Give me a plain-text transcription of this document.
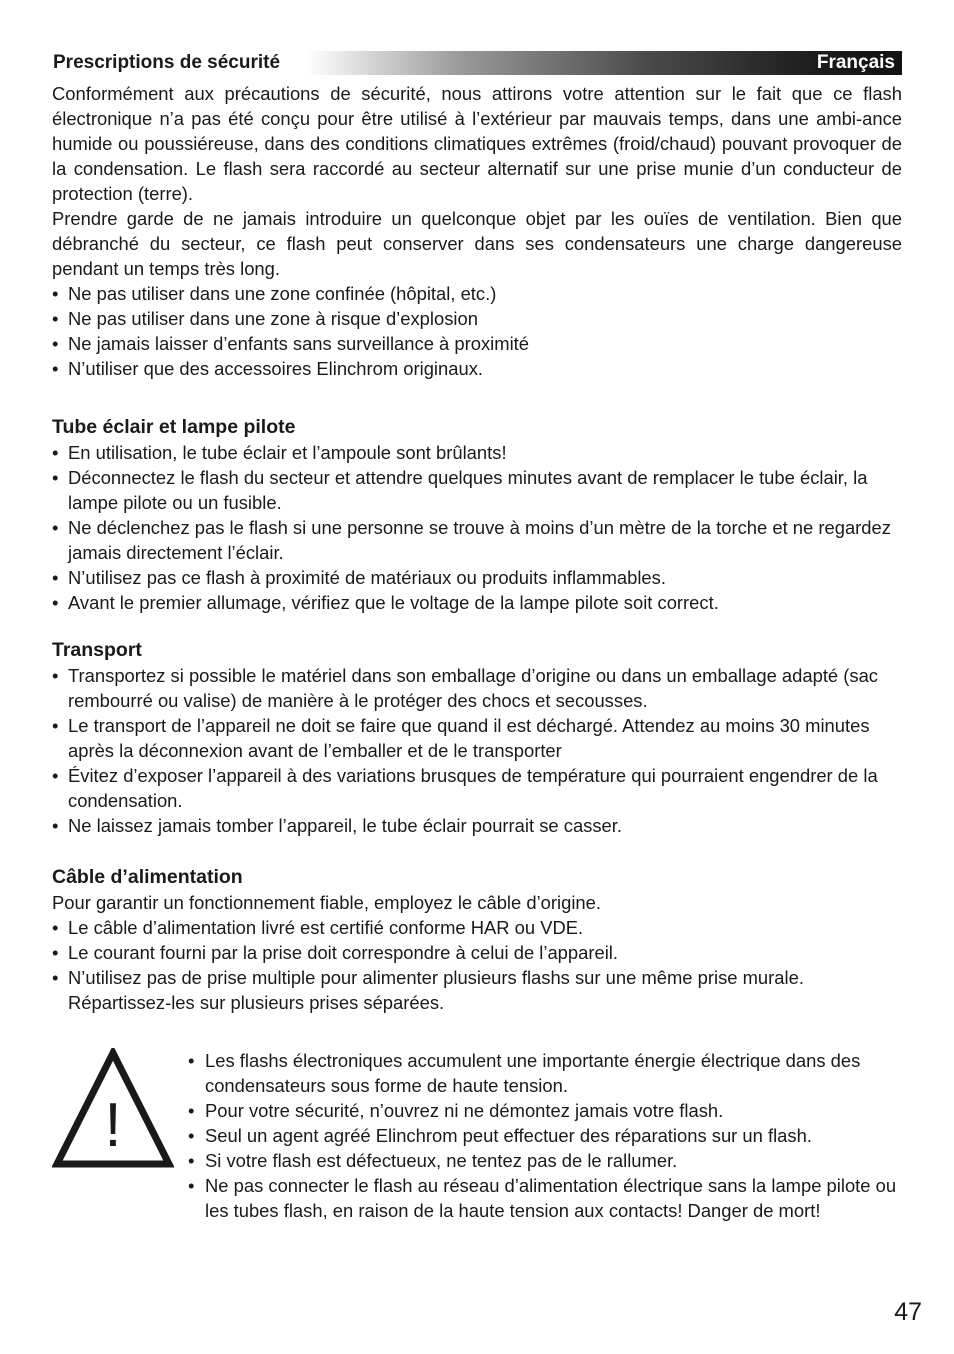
Prescriptions de sécurité	Français

Conformément aux précautions de sécurité, nous attirons votre attention sur le fait que ce flash électronique n’a pas été conçu pour être utilisé à l’extérieur par mauvais temps, dans une ambi-ance humide ou poussiéreuse, dans des conditions climatiques extrêmes (froid/chaud) pouvant provoquer de la condensation. Le flash sera raccordé au secteur alternatif sur une prise munie d’un conducteur de protection (terre).

Prendre garde de ne jamais introduire un quelconque objet par les ouïes de ventilation. Bien que débranché du secteur, ce flash peut conserver dans ses condensateurs une charge dangereuse pendant un temps très long.

• Ne pas utiliser dans une zone confinée (hôpital, etc.)
• Ne pas utiliser dans une zone à risque d’explosion
• Ne jamais laisser d’enfants sans surveillance à proximité
• N’utiliser que des accessoires Elinchrom originaux.
Tube éclair et lampe pilote
• En utilisation, le tube éclair et l’ampoule sont brûlants!
• Déconnectez le flash du secteur et attendre quelques minutes avant de remplacer le tube éclair, la lampe pilote ou un fusible.
• Ne déclenchez pas le flash si une personne se trouve à moins d’un mètre de la torche et ne regardez jamais directement l’éclair.
• N’utilisez pas ce flash à proximité de matériaux ou produits inflammables.
• Avant le premier allumage, vérifiez que le voltage de la lampe pilote soit correct.
Transport
• Transportez si possible le matériel dans son emballage d’origine ou dans un emballage adapté (sac rembourré ou valise) de manière à le protéger des chocs et secousses.
• Le transport de l’appareil ne doit se faire que quand il est déchargé. Attendez au moins 30 minutes après la déconnexion avant de l’emballer et de le transporter
• Évitez d’exposer l’appareil à des variations brusques de température qui pourraient engendrer de la condensation.
• Ne laissez jamais tomber l’appareil, le tube éclair pourrait se casser.
Câble d’alimentation

Pour garantir un fonctionnement fiable, employez le câble d’origine.

• Le câble d’alimentation livré est certifié conforme HAR ou VDE.
• Le courant fourni par la prise doit correspondre à celui de l’appareil.
• N’utilisez pas de prise multiple pour alimenter plusieurs flashs sur une même prise murale. Répartissez-les sur plusieurs prises séparées.
!
• Les flashs électroniques accumulent une importante énergie électrique dans des condensateurs sous forme de haute tension.
• Pour votre sécurité, n’ouvrez ni ne démontez jamais votre flash.
• Seul un agent agréé Elinchrom peut effectuer des réparations sur un flash.
• Si votre flash est défectueux, ne tentez pas de le rallumer.
• Ne pas connecter le flash au réseau d’alimentation électrique sans la lampe pilote ou les tubes flash, en raison de la haute tension aux contacts! Danger de mort!
47
